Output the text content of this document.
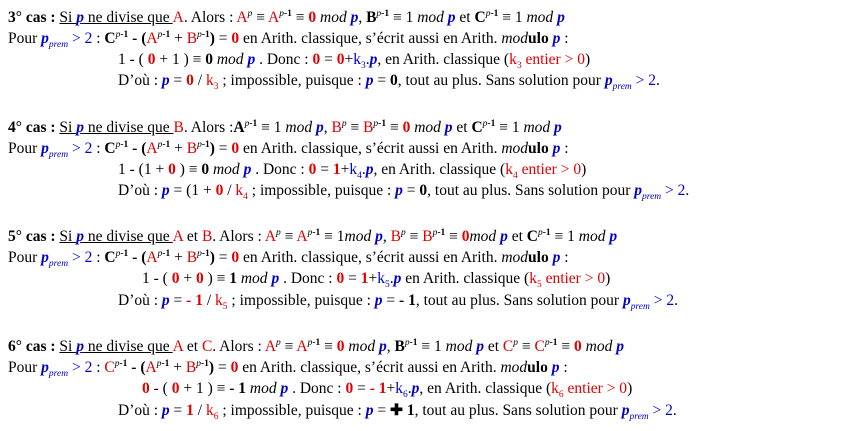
3° cas : Si p ne divise que A. Alors : $A^p \equiv A^{p-1} \equiv 0$ mod p, $B^{p-1} \equiv 1$ mod p et $C^{p-1} \equiv 1$ mod p
Pour $p_{prem} > 2$ : $C^{p-1} - (A^{p-1} + B^{p-1}) = 0$ en Arith. classique, s’écrit aussi en Arith. modulo p :
1 - ( 0 + 1 ) ≡ 0 mod p . Donc : $0 = 0+k_3.p$, en Arith. classique ($k_3$ entier > 0)
D’où : $p = 0 / k_3$ ; impossible, puisque : p = 0, tout au plus. Sans solution pour $p_{prem} > 2$.
4° cas : Si p ne divise que B. Alors $:A^{p-1} \equiv 1$ mod p, $B^p \equiv B^{p-1} \equiv 0$ mod p et $C^{p-1} \equiv 1$ mod p
Pour $p_{prem} > 2$ : $C^{p-1} - (A^{p-1} + B^{p-1}) = 0$ en Arith. classique, s’écrit aussi en Arith. modulo p :
1 - (1 + 0 ) ≡ 0 mod p . Donc : $0 = 1+k_4.p$, en Arith. classique ($k_4$ entier > 0)
D’où : $p = (1 + 0 / k_4$ ; impossible, puisque : p = 0, tout au plus. Sans solution pour $p_{prem} > 2$.
5° cas : Si p ne divise que A et B. Alors : $A^p \equiv A^{p-1} \equiv 1mod$ p, $B^p \equiv B^{p-1} \equiv 0mod$ p et $C^{p-1} \equiv 1$ mod p
Pour $p_{prem} > 2$ : $C^{p-1} - (A^{p-1} + B^{p-1}) = 0$ en Arith. classique, s’écrit aussi en Arith. modulo p :
1 - ( 0 + 0 ) ≡ 1 mod p . Donc : $0 = 1+k_5.p$ en Arith. classique ($k_5$ entier > 0)
D’où : p = - $1 / k_5$ ; impossible, puisque : p = - 1, tout au plus. Sans solution pour $p_{prem} > 2$.
6° cas : Si p ne divise que A et C. Alors : $A^p \equiv A^{p-1} \equiv 0$ mod p, $B^{p-1} \equiv 1$ mod p et $C^p \equiv C^{p-1} \equiv 0$ mod p
Pour $p_{prem} > 2$ : $C^{p-1} - (A^{p-1} + B^{p-1}) = 0$ en Arith. classique, s’écrit aussi en Arith. modulo p :
0 - ( 0 + 1 ) ≡ - 1 mod p . Donc : 0 = - $1+k_6.p$, en Arith. classique ($k_6$ entier > 0)
D’où : $p = 1 / k_6$ ; impossible, puisque : p = ✚ 1, tout au plus. Sans solution pour $p_{prem} > 2$.
